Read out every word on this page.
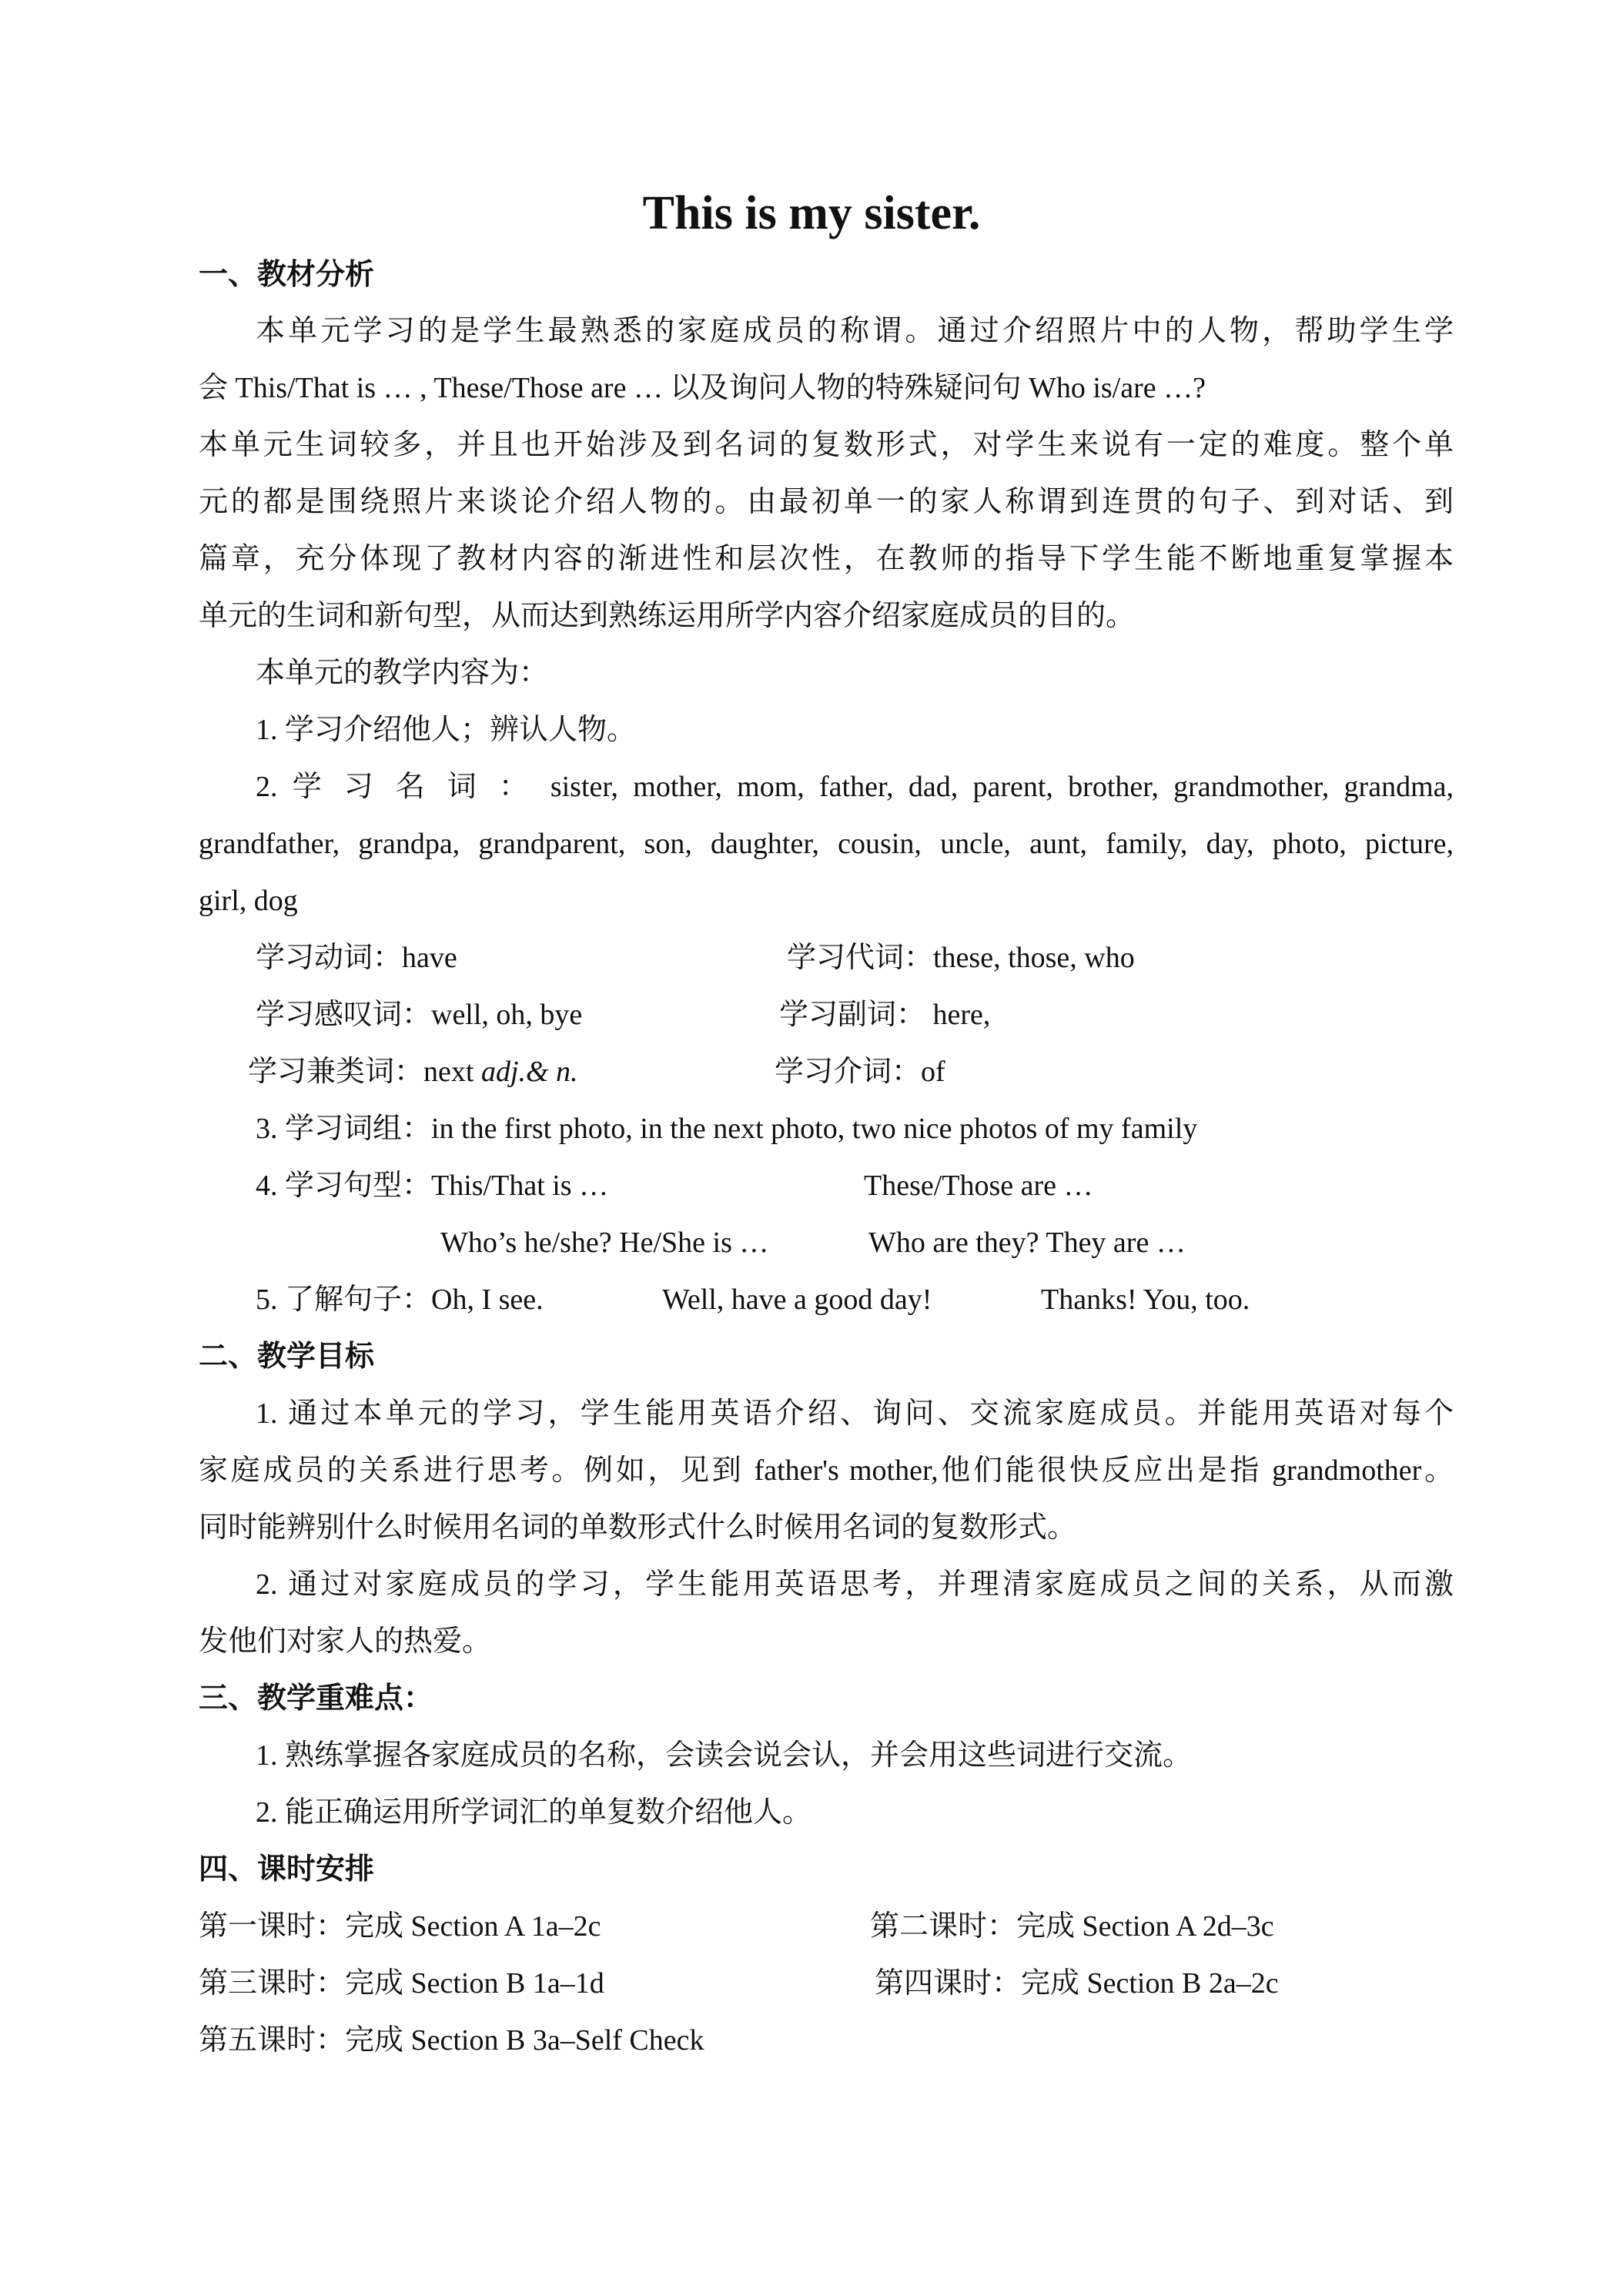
This is my sister.
一、教材分析
本单元学习的是学生最熟悉的家庭成员的称谓。通过介绍照片中的人物，帮助学生学
会 This/That is … , These/Those are … 以及询问人物的特殊疑问句 Who is/are …?
本单元生词较多，并且也开始涉及到名词的复数形式，对学生来说有一定的难度。整个单
元的都是围绕照片来谈论介绍人物的。由最初单一的家人称谓到连贯的句子、到对话、到
篇章，充分体现了教材内容的渐进性和层次性，在教师的指导下学生能不断地重复掌握本
单元的生词和新句型，从而达到熟练运用所学内容介绍家庭成员的目的。
本单元的教学内容为：
1. 学习介绍他人；辨认人物。
2. 学 习 名 词 ： sister, mother, mom, father, dad, parent, brother, grandmother, grandma,
grandfather, grandpa, grandparent, son, daughter, cousin, uncle, aunt, family, day, photo, picture,
girl, dog
学习动词：have	学习代词：these, those, who
学习感叹词：well, oh, bye	学习副词： here,
学习兼类词：next adj.& n.	学习介词：of
3. 学习词组：in the first photo, in the next photo, two nice photos of my family
4. 学习句型：This/That is …	These/Those are …
Who’s he/she? He/She is …	Who are they? They are …
5. 了解句子：Oh, I see.	Well, have a good day!	Thanks! You, too.
二、教学目标
1. 通过本单元的学习，学生能用英语介绍、询问、交流家庭成员。并能用英语对每个
家庭成员的关系进行思考。例如，见到 father's mother,他们能很快反应出是指 grandmother。
同时能辨别什么时候用名词的单数形式什么时候用名词的复数形式。
2. 通过对家庭成员的学习，学生能用英语思考，并理清家庭成员之间的关系，从而激
发他们对家人的热爱。
三、教学重难点：
1. 熟练掌握各家庭成员的名称，会读会说会认，并会用这些词进行交流。
2. 能正确运用所学词汇的单复数介绍他人。
四、课时安排
第一课时：完成 Section A 1a–2c	第二课时：完成 Section A 2d–3c
第三课时：完成 Section B 1a–1d	第四课时：完成 Section B 2a–2c
第五课时：完成 Section B 3a–Self Check
